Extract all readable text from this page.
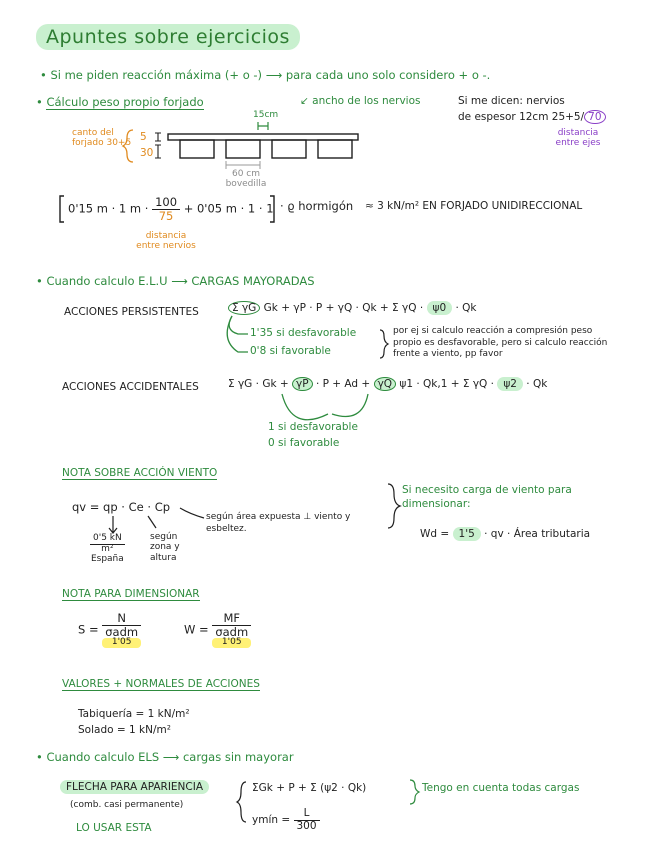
Apuntes sobre ejercicios
• Si me piden reacción máxima (+ o -) ⟶ para cada uno solo considero + o -.
• Cálculo peso propio forjado	↙ ancho de los nervios
15cm
canto del forjado 30+5
5
30
Si me dicen: nervios
de espesor 12cm 25+5/ 70
distancia entre ejes
60 cm bovedilla
0'15 m · 1 $m \cdot \frac{100}{75} + 0'05$ m · 1 · 1 · ϱ hormigón ≈ 3 kN/m² EN FORJADO UNIDIRECCIONAL
distancia entre nervios
• Cuando calculo E.L.U ⟶ CARGAS MAYORADAS
ACCIONES PERSISTENTES	Σ γG Gk + γP · P + γQ · Qk + Σ γQ · ψ0 · Qk
1'35 si desfavorable
0'8 si favorable
por ej si calculo reacción a compresión peso propio es desfavorable, pero si calculo reacción frente a viento, pp favor
ACCIONES ACCIDENTALES	Σ γG · Gk + γP · P + Ad + γQ ψ1 · Qk,1 + Σ γQ · ψ2 · Qk
1 si desfavorable
0 si favorable
NOTA SOBRE ACCIÓN VIENTO
qv = qp · Ce · Cp
$\frac{0'5 kN}{\text{m²}}$
España
según zona y altura
según área expuesta ⊥ viento y esbeltez.
Si necesito carga de viento para dimensionar:
Wd = 1'5 · qv · Área tributaria
NOTA PARA DIMENSIONAR
S =
N
σadm
1'05
W =
MF
σadm
1'05
VALORES + NORMALES DE ACCIONES
Tabiquería = 1 kN/m²
Solado = 1 kN/m²
• Cuando calculo ELS ⟶ cargas sin mayorar
FLECHA PARA APARIENCIA
(comb. casi permanente)
LO USAR ESTA
ΣGk + P + Σ (ψ2 · Qk)	Tengo en cuenta todas cargas
ymín = $\frac{L}{300}$
